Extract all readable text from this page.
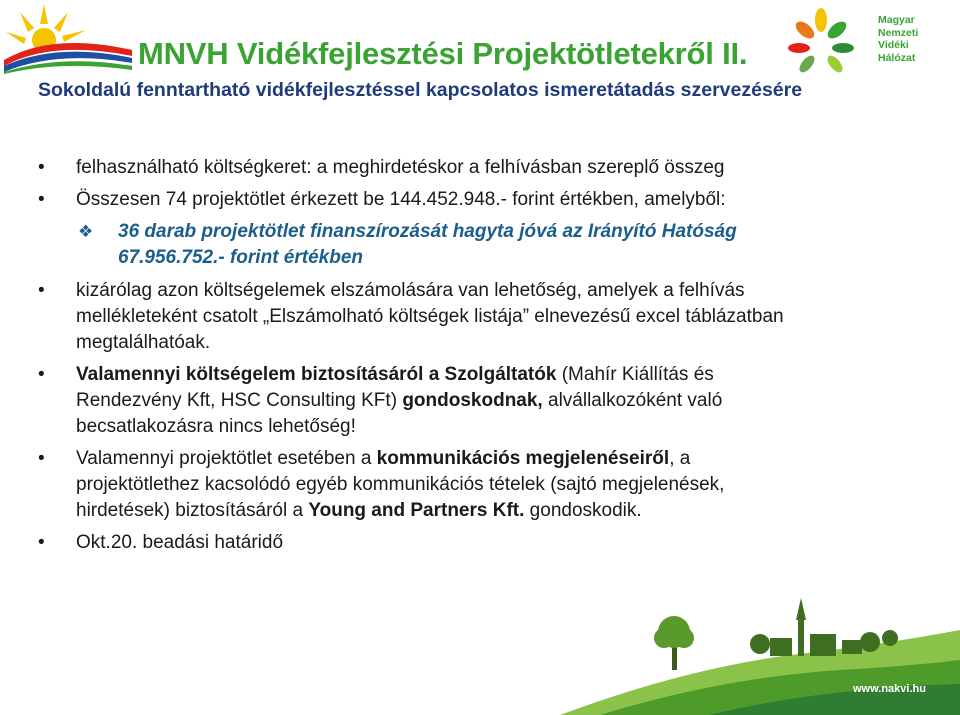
MNVH Vidékfejlesztési Projektötletekről II.
Sokoldalú fenntartható vidékfejlesztéssel kapcsolatos ismeretátadás szervezésére
Magyar
Nemzeti
Vidéki
Hálózat
www.nakvi.hu
• felhasználható költségkeret: a meghirdetéskor a felhívásban szereplő összeg
• Összesen 74 projektötlet érkezett be 144.452.948.- forint értékben, amelyből:
❖ 36 darab projektötlet finanszírozását hagyta jóvá az Irányító Hatóság
67.956.752.- forint értékben
• kizárólag azon költségelemek elszámolására van lehetőség, amelyek a felhívás
mellékleteként csatolt „Elszámolható költségek listája” elnevezésű excel táblázatban
megtalálhatóak.
• Valamennyi költségelem biztosításáról a Szolgáltatók (Mahír Kiállítás és
Rendezvény Kft, HSC Consulting KFt) gondoskodnak, alvállalkozóként való
becsatlakozásra nincs lehetőség!
• Valamennyi projektötlet esetében a kommunikációs megjelenéseiről, a
projektötlethez kacsolódó egyéb kommunikációs tételek (sajtó megjelenések,
hirdetések) biztosításáról a Young and Partners Kft. gondoskodik.
• Okt.20. beadási határidő
